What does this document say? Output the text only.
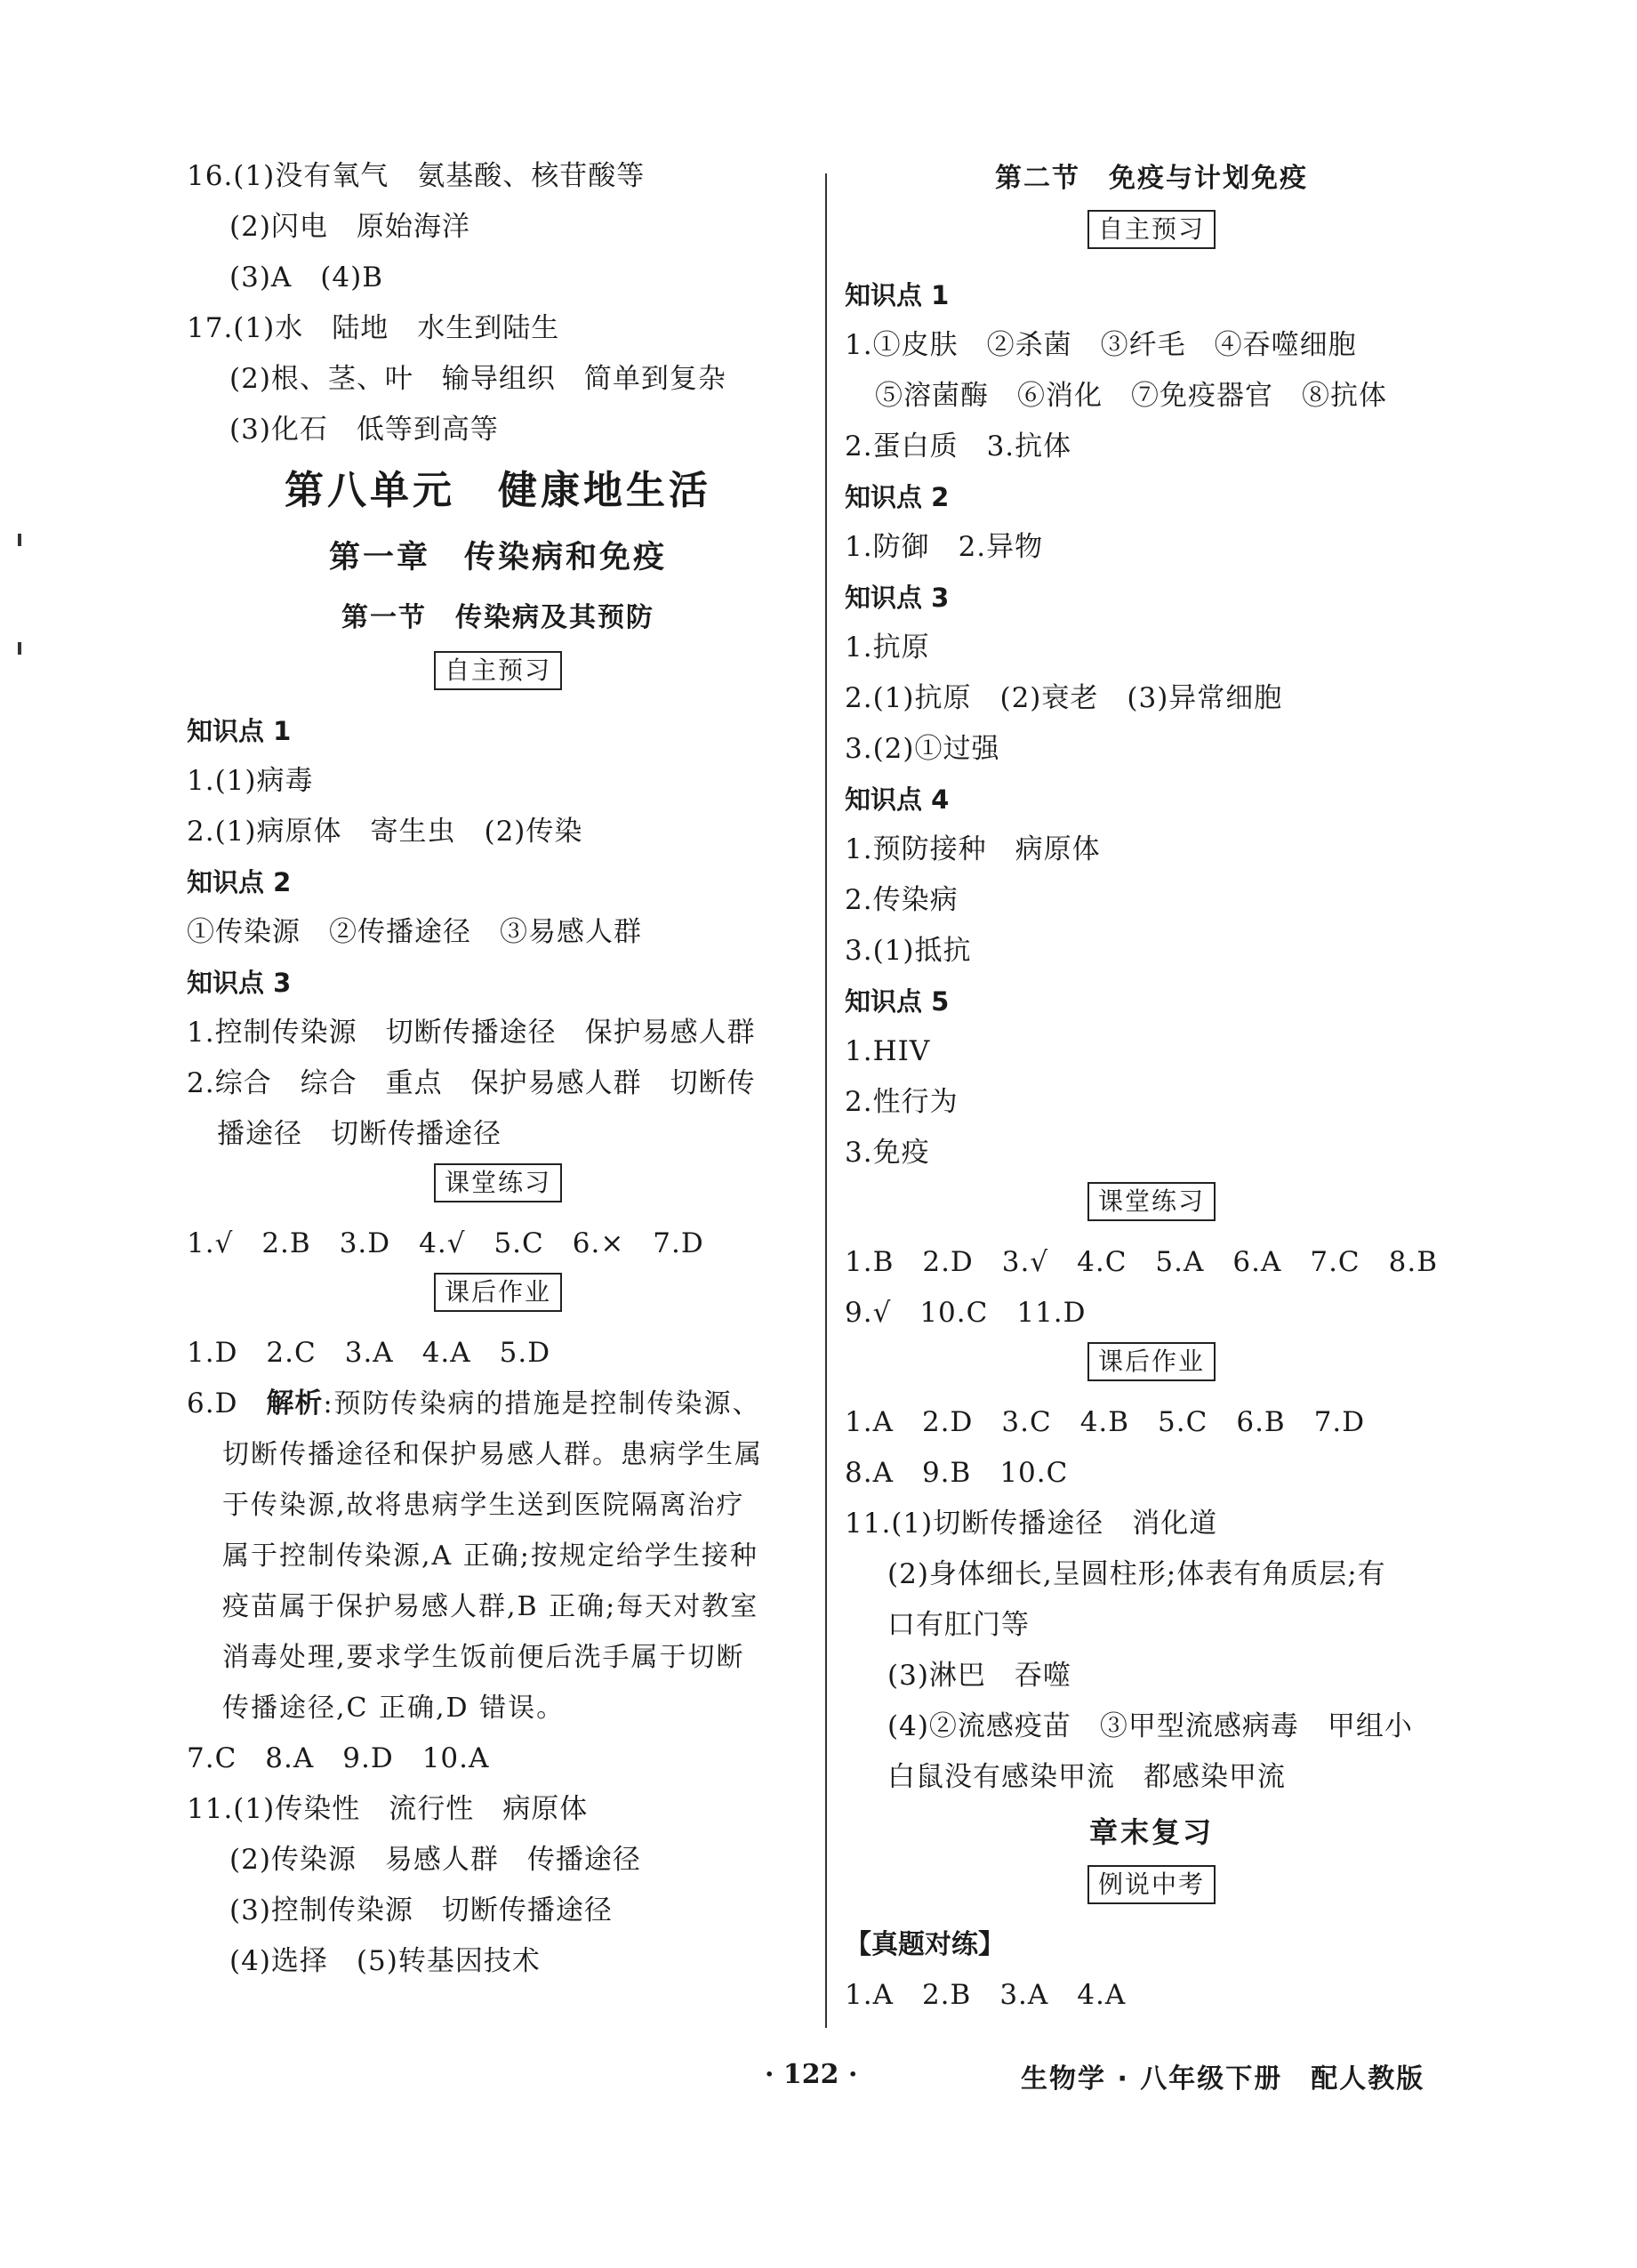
16.(1)没有氧气　氨基酸、核苷酸等
(2)闪电　原始海洋
(3)A　(4)B
17.(1)水　陆地　水生到陆生
(2)根、茎、叶　输导组织　简单到复杂
(3)化石　低等到高等
第八单元　健康地生活
第一章　传染病和免疫
第一节　传染病及其预防
自主预习
知识点 1
1.(1)病毒
2.(1)病原体　寄生虫　(2)传染
知识点 2
①传染源　②传播途径　③易感人群
知识点 3
1.控制传染源　切断传播途径　保护易感人群
2.综合　综合　重点　保护易感人群　切断传
播途径　切断传播途径
课堂练习
1.√　2.B　3.D　4.√　5.C　6.×　7.D
课后作业
1.D　2.C　3.A　4.A　5.D
6.D　解析:预防传染病的措施是控制传染源、
切断传播途径和保护易感人群。患病学生属
于传染源,故将患病学生送到医院隔离治疗
属于控制传染源,A 正确;按规定给学生接种
疫苗属于保护易感人群,B 正确;每天对教室
消毒处理,要求学生饭前便后洗手属于切断
传播途径,C 正确,D 错误。
7.C　8.A　9.D　10.A
11.(1)传染性　流行性　病原体
(2)传染源　易感人群　传播途径
(3)控制传染源　切断传播途径
(4)选择　(5)转基因技术
第二节　免疫与计划免疫
自主预习
知识点 1
1.①皮肤　②杀菌　③纤毛　④吞噬细胞
⑤溶菌酶　⑥消化　⑦免疫器官　⑧抗体
2.蛋白质　3.抗体
知识点 2
1.防御　2.异物
知识点 3
1.抗原
2.(1)抗原　(2)衰老　(3)异常细胞
3.(2)①过强
知识点 4
1.预防接种　病原体
2.传染病
3.(1)抵抗
知识点 5
1.HIV
2.性行为
3.免疫
课堂练习
1.B　2.D　3.√　4.C　5.A　6.A　7.C　8.B
9.√　10.C　11.D
课后作业
1.A　2.D　3.C　4.B　5.C　6.B　7.D
8.A　9.B　10.C
11.(1)切断传播途径　消化道
(2)身体细长,呈圆柱形;体表有角质层;有
口有肛门等
(3)淋巴　吞噬
(4)②流感疫苗　③甲型流感病毒　甲组小
白鼠没有感染甲流　都感染甲流
章末复习
例说中考
【真题对练】
1.A　2.B　3.A　4.A
· 122 ·	生物学 · 八年级下册　配人教版
